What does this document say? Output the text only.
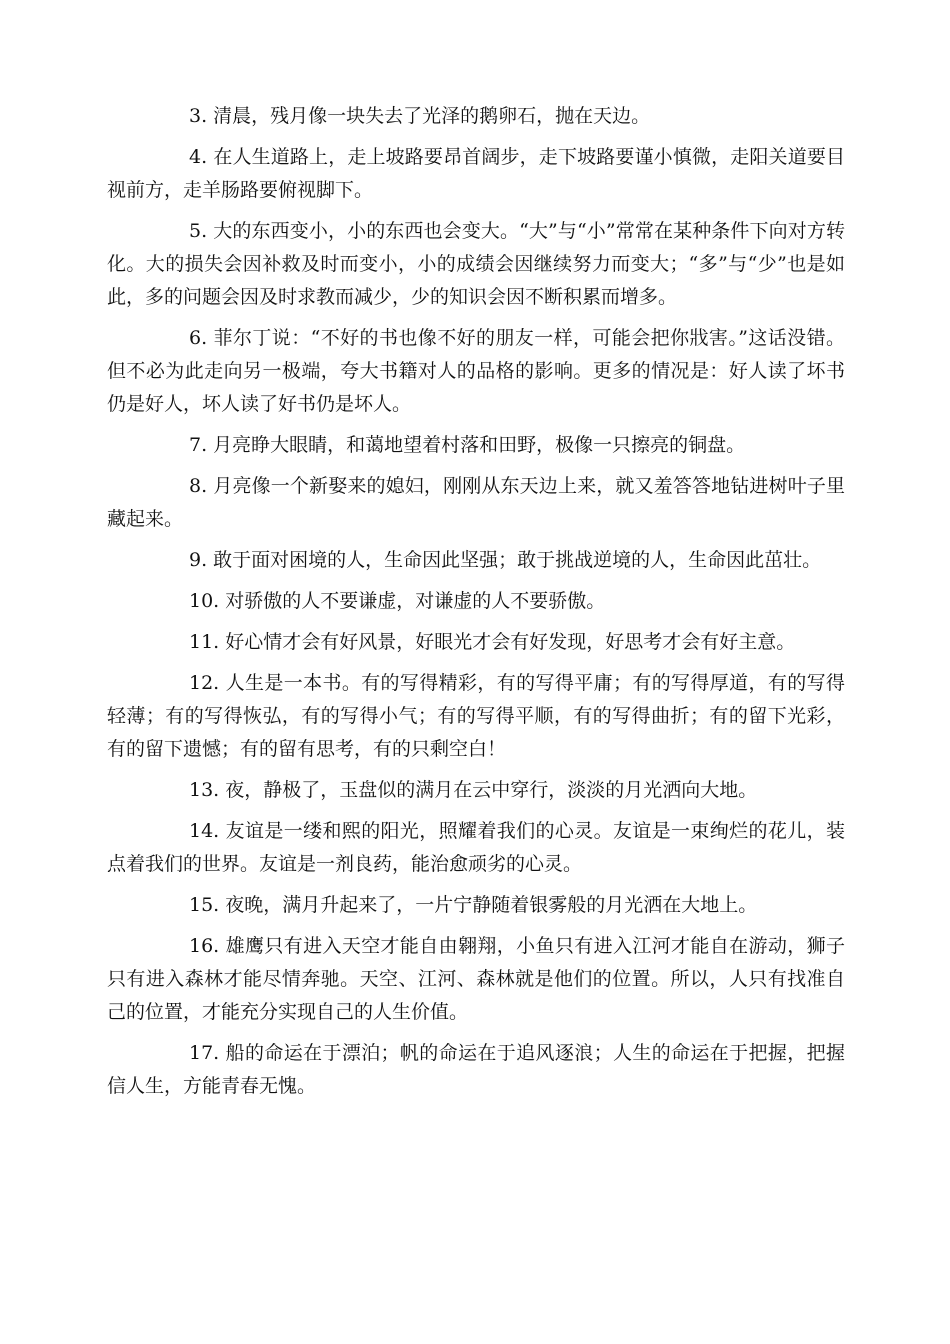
3. 清晨，残月像一块失去了光泽的鹅卵石，抛在天边。

4. 在人生道路上，走上坡路要昂首阔步，走下坡路要谨小慎微，走阳关道要目视前方，走羊肠路要俯视脚下。

5. 大的东西变小，小的东西也会变大。“大”与“小”常常在某种条件下向对方转化。大的损失会因补救及时而变小，小的成绩会因继续努力而变大；“多”与“少”也是如此，多的问题会因及时求教而减少，少的知识会因不断积累而增多。

6. 菲尔丁说：“不好的书也像不好的朋友一样，可能会把你戕害。”这话没错。但不必为此走向另一极端，夸大书籍对人的品格的影响。更多的情况是：好人读了坏书仍是好人，坏人读了好书仍是坏人。

7. 月亮睁大眼睛，和蔼地望着村落和田野，极像一只擦亮的铜盘。

8. 月亮像一个新娶来的媳妇，刚刚从东天边上来，就又羞答答地钻进树叶子里藏起来。

9. 敢于面对困境的人，生命因此坚强；敢于挑战逆境的人，生命因此茁壮。

10. 对骄傲的人不要谦虚，对谦虚的人不要骄傲。

11. 好心情才会有好风景，好眼光才会有好发现，好思考才会有好主意。

12. 人生是一本书。有的写得精彩，有的写得平庸；有的写得厚道，有的写得轻薄；有的写得恢弘，有的写得小气；有的写得平顺，有的写得曲折；有的留下光彩，有的留下遗憾；有的留有思考，有的只剩空白！

13. 夜，静极了，玉盘似的满月在云中穿行，淡淡的月光洒向大地。

14. 友谊是一缕和熙的阳光，照耀着我们的心灵。友谊是一束绚烂的花儿，装点着我们的世界。友谊是一剂良药，能治愈顽劣的心灵。

15. 夜晚，满月升起来了，一片宁静随着银雾般的月光洒在大地上。

16. 雄鹰只有进入天空才能自由翱翔，小鱼只有进入江河才能自在游动，狮子只有进入森林才能尽情奔驰。天空、江河、森林就是他们的位置。所以，人只有找准自己的位置，才能充分实现自己的人生价值。

17. 船的命运在于漂泊；帆的命运在于追风逐浪；人生的命运在于把握，把握信人生，方能青春无愧。
